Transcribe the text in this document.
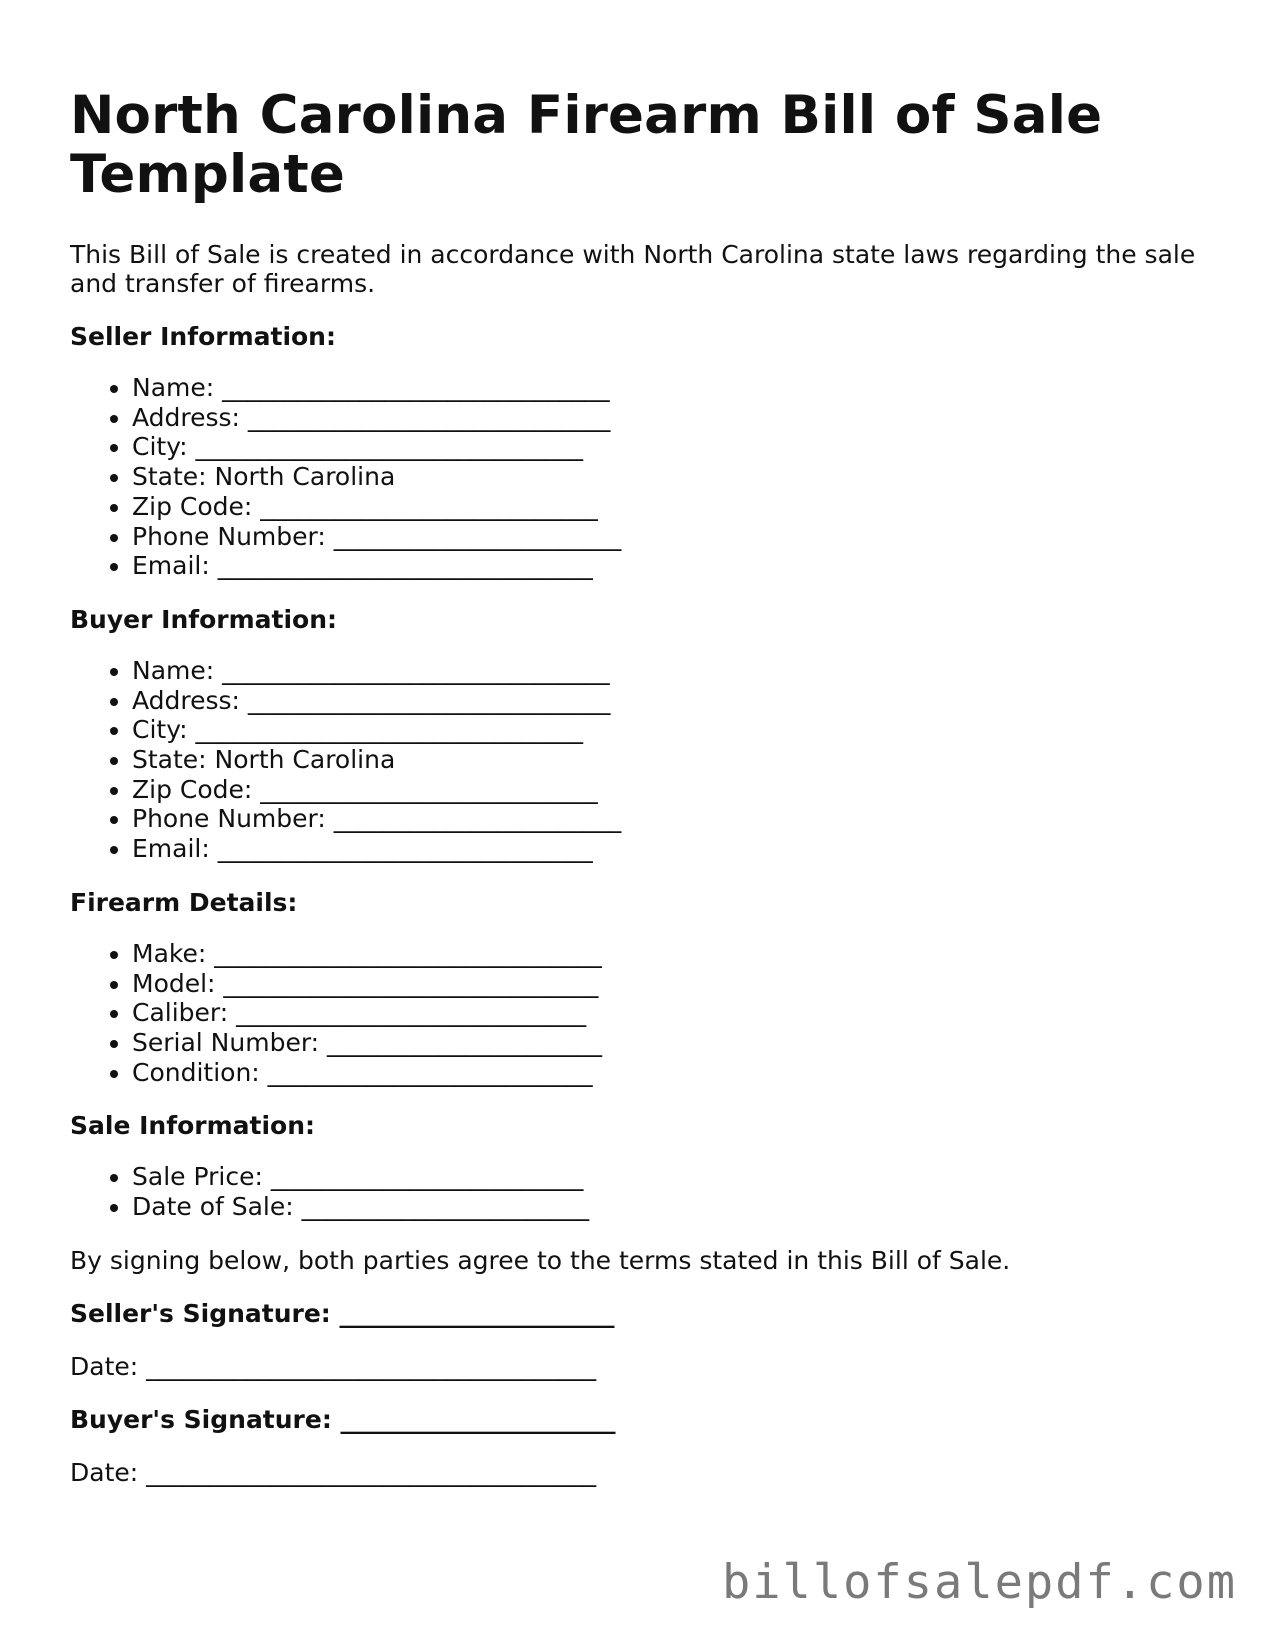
North Carolina Firearm Bill of Sale Template

This Bill of Sale is created in accordance with North Carolina state laws regarding the sale and transfer of firearms.

Seller Information:
• Name: _______________________________
• Address: _____________________________
• City: _______________________________
• State: North Carolina
• Zip Code: ___________________________
• Phone Number: _______________________
• Email: ______________________________
Buyer Information:
• Name: _______________________________
• Address: _____________________________
• City: _______________________________
• State: North Carolina
• Zip Code: ___________________________
• Phone Number: _______________________
• Email: ______________________________
Firearm Details:
• Make: _______________________________
• Model: ______________________________
• Caliber: ____________________________
• Serial Number: ______________________
• Condition: __________________________
Sale Information:
• Sale Price: _________________________
• Date of Sale: _______________________

By signing below, both parties agree to the terms stated in this Bill of Sale.

Seller's Signature: ______________________
Date: ____________________________________
Buyer's Signature: ______________________
Date: ____________________________________
billofsalepdf.com
